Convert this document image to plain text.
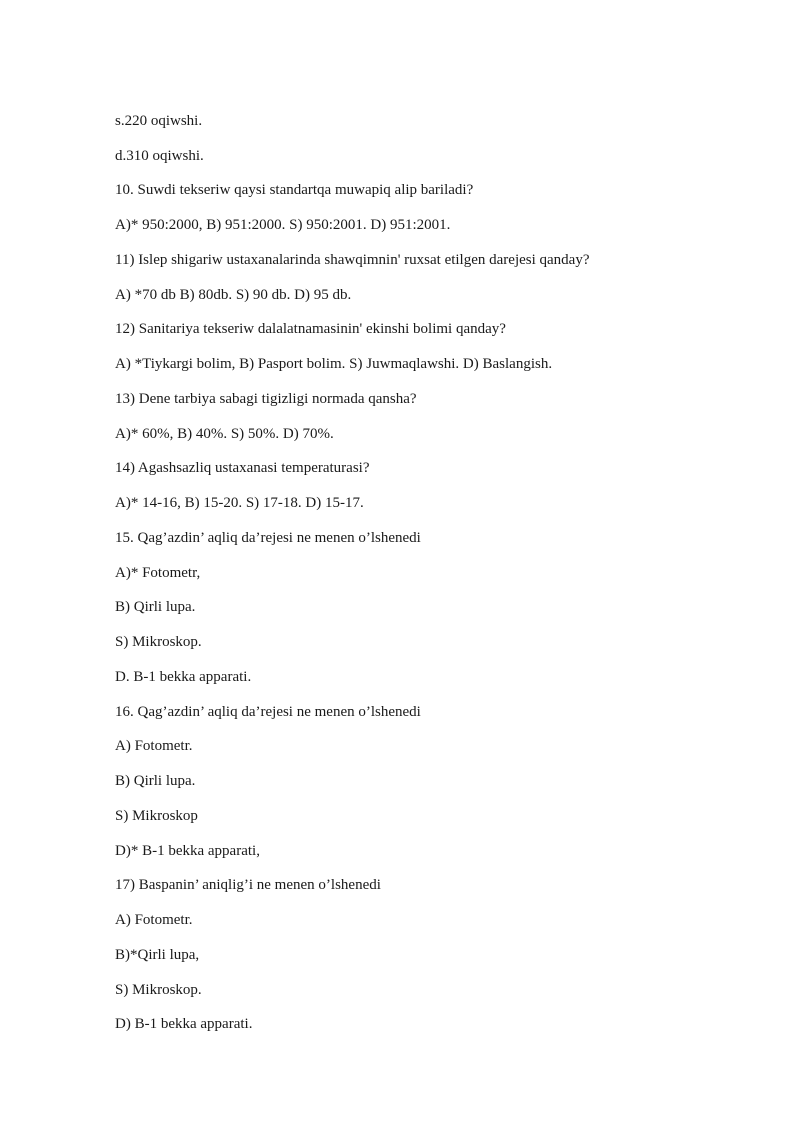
s.220 oqiwshi.

d.310 oqiwshi.

10. Suwdi tekseriw qaysi standartqa muwapiq alip bariladi?

A)* 950:2000, B) 951:2000. S) 950:2001. D) 951:2001.

11) Islep shigariw ustaxanalarinda shawqimnin' ruxsat etilgen darejesi qanday?

A) *70 db B) 80db. S) 90 db. D) 95 db.

12) Sanitariya tekseriw dalalatnamasinin' ekinshi bolimi qanday?

A) *Tiykargi bolim, B) Pasport bolim. S) Juwmaqlawshi. D) Baslangish.

13) Dene tarbiya sabagi tigizligi normada qansha?

A)* 60%, B) 40%. S) 50%. D) 70%.

14) Agashsazliq ustaxanasi temperaturasi?

A)* 14-16, B) 15-20. S) 17-18. D) 15-17.

15. Qag’azdin’ aqliq da’rejesi ne menen o’lshenedi

A)* Fotometr,

B) Qirli lupa.

S) Mikroskop.

D. B-1 bekka apparati.

16. Qag’azdin’ aqliq da’rejesi ne menen o’lshenedi

A) Fotometr.

B) Qirli lupa.

S) Mikroskop

D)* B-1 bekka apparati,

17) Baspanin’ aniqlig’i ne menen o’lshenedi

A) Fotometr.

B)*Qirli lupa,

S) Mikroskop.

D) B-1 bekka apparati.
